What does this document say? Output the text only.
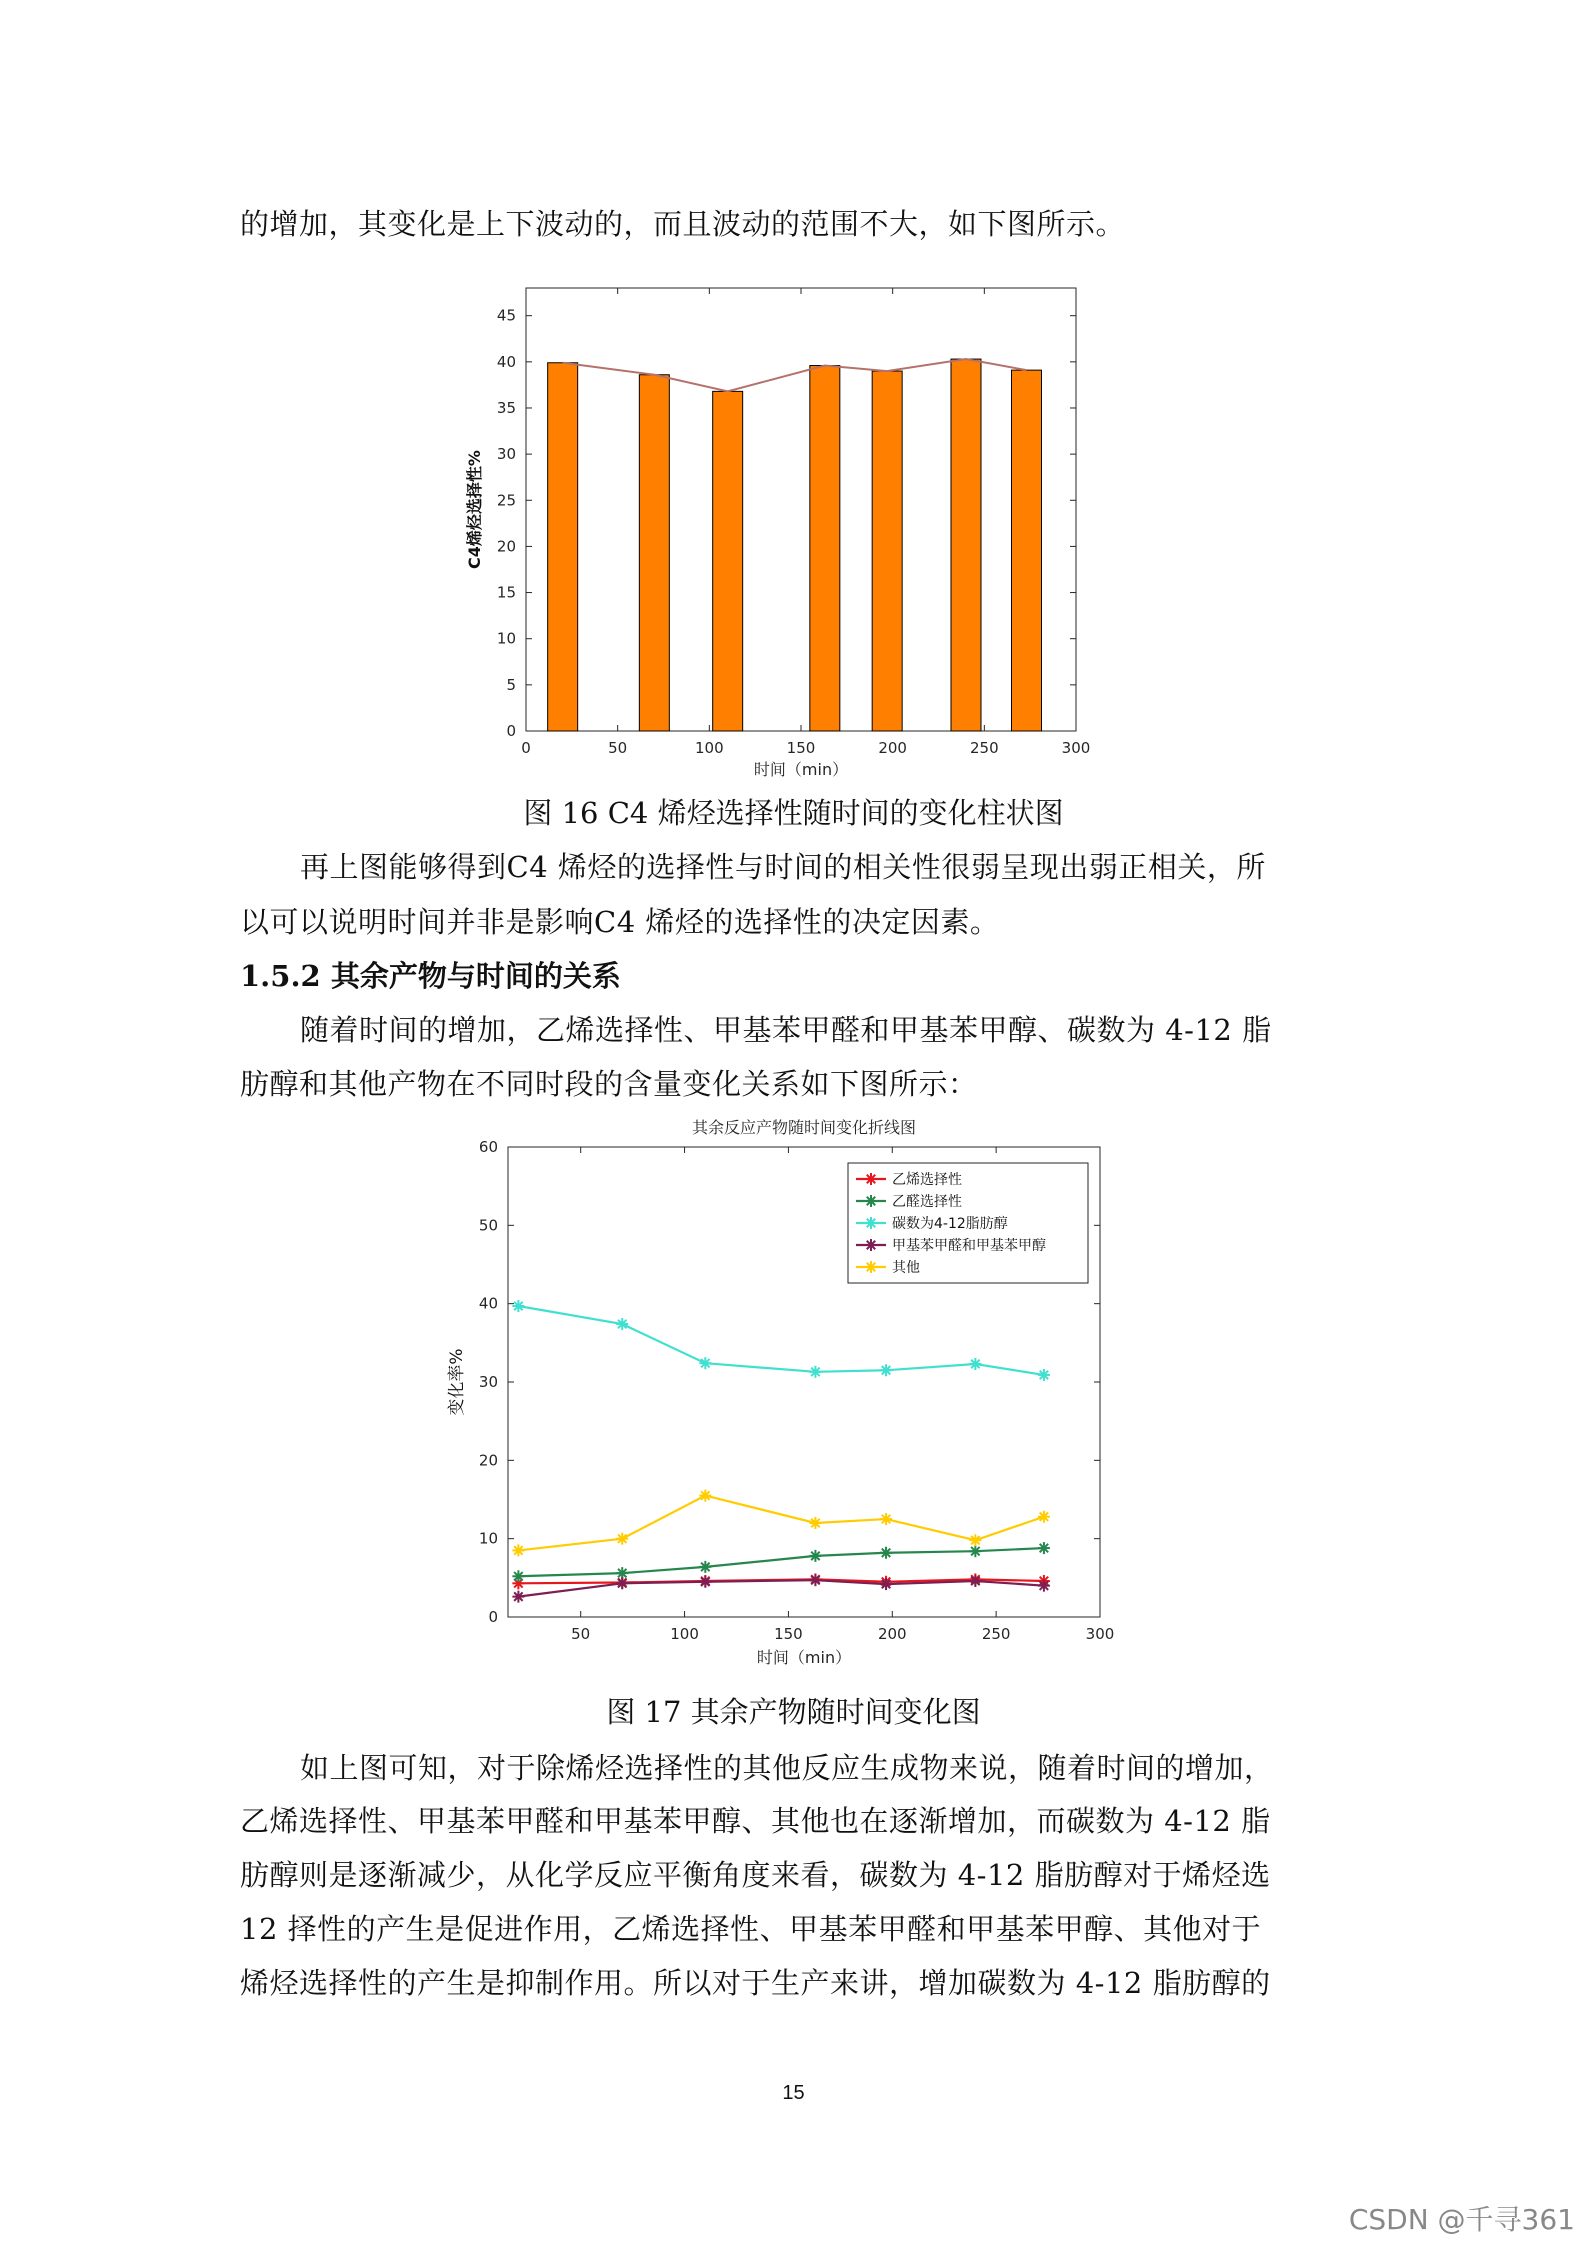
的增加，其变化是上下波动的，而且波动的范围不大，如下图所示。
0
5
10
15
20
25
30
35
40
45
0	50	100	150	200	250	300
时间（min）
C4烯烃选择性%
图 16 C4 烯烃选择性随时间的变化柱状图
再上图能够得到C4 烯烃的选择性与时间的相关性很弱呈现出弱正相关，所
以可以说明时间并非是影响C4 烯烃的选择性的决定因素。
1.5.2 其余产物与时间的关系
随着时间的增加，乙烯选择性、甲基苯甲醛和甲基苯甲醇、碳数为 4-12 脂
肪醇和其他产物在不同时段的含量变化关系如下图所示：
其余反应产物随时间变化折线图
0
10
20
30
40
50
60
50	100	150	200	250	300
乙烯选择性
乙醛选择性
碳数为4-12脂肪醇
甲基苯甲醛和甲基苯甲醇
其他
时间（min）
变化率%
图 17 其余产物随时间变化图
如上图可知，对于除烯烃选择性的其他反应生成物来说，随着时间的增加，
乙烯选择性、甲基苯甲醛和甲基苯甲醇、其他也在逐渐增加，而碳数为 4-12 脂
肪醇则是逐渐减少，从化学反应平衡角度来看，碳数为 4-12 脂肪醇对于烯烃选
12 择性的产生是促进作用，乙烯选择性、甲基苯甲醛和甲基苯甲醇、其他对于
烯烃选择性的产生是抑制作用。所以对于生产来讲，增加碳数为 4-12 脂肪醇的
15
CSDN @千寻361
